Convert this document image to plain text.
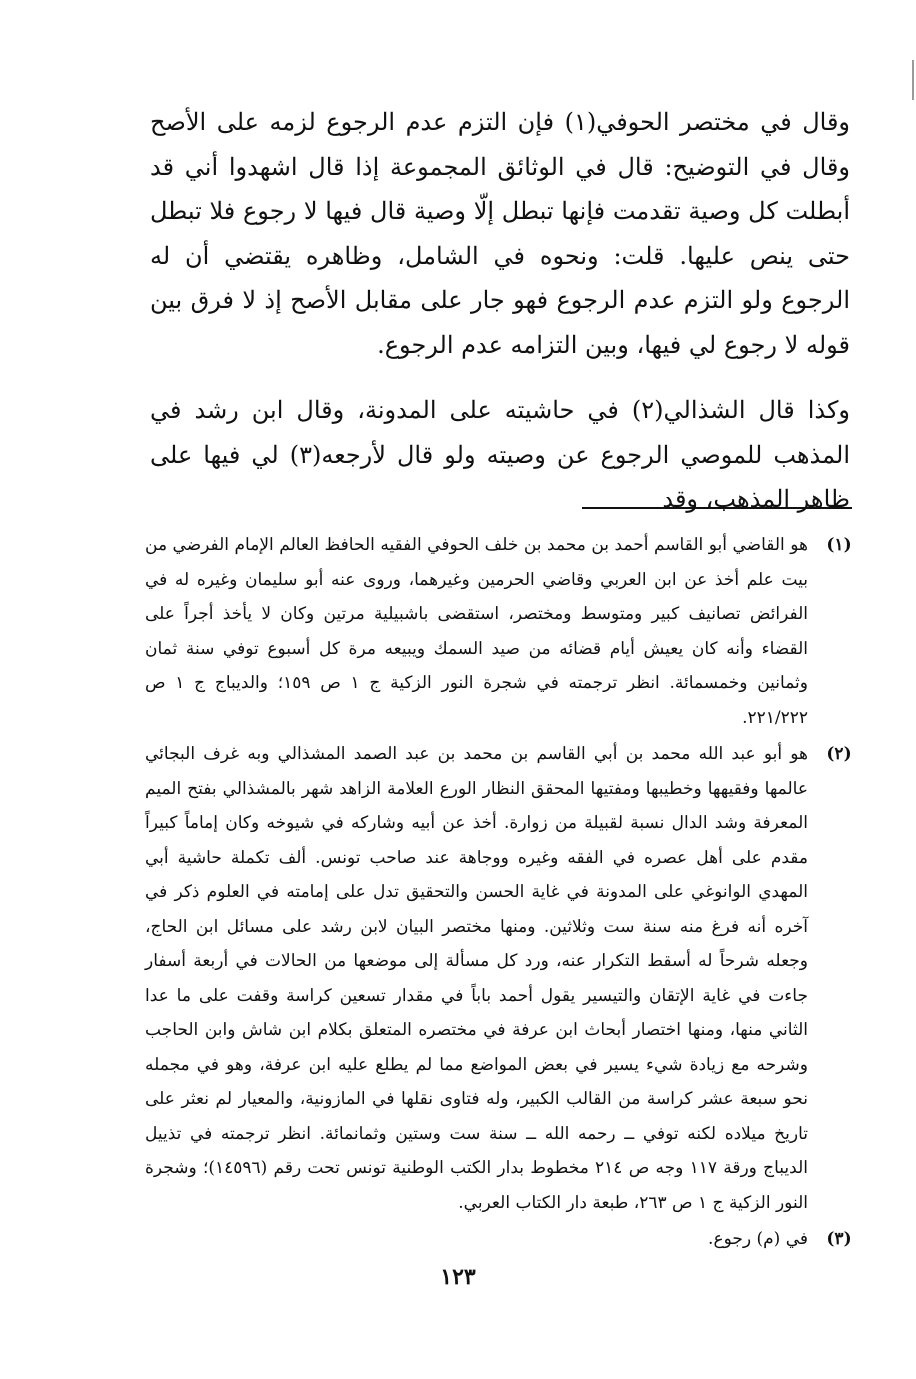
وقال في مختصر الحوفي(١) فإن التزم عدم الرجوع لزمه على الأصح وقال في التوضيح: قال في الوثائق المجموعة إذا قال اشهدوا أني قد أبطلت كل وصية تقدمت فإنها تبطل إلّا وصية قال فيها لا رجوع فلا تبطل حتى ينص عليها. قلت: ونحوه في الشامل، وظاهره يقتضي أن له الرجوع ولو التزم عدم الرجوع فهو جار على مقابل الأصح إذ لا فرق بين قوله لا رجوع لي فيها، وبين التزامه عدم الرجوع.

وكذا قال الشذالي(٢) في حاشيته على المدونة، وقال ابن رشد في المذهب للموصي الرجوع عن وصيته ولو قال لأرجعه(٣) لي فيها على ظاهر المذهب، وقد

(١)
هو القاضي أبو القاسم أحمد بن محمد بن خلف الحوفي الفقيه الحافظ العالم الإمام الفرضي من بيت علم أخذ عن ابن العربي وقاضي الحرمين وغيرهما، وروى عنه أبو سليمان وغيره له في الفرائض تصانيف كبير ومتوسط ومختصر، استقضى باشبيلية مرتين وكان لا يأخذ أجراً على القضاء وأنه كان يعيش أيام قضائه من صيد السمك ويبيعه مرة كل أسبوع توفي سنة ثمان وثمانين وخمسمائة. انظر ترجمته في شجرة النور الزكية ج ١ ص ١٥٩؛ والديباج ج ١ ص ٢٢١/٢٢٢.
(٢)
هو أبو عبد الله محمد بن أبي القاسم بن محمد بن عبد الصمد المشذالي وبه غرف البجائي عالمها وفقيهها وخطيبها ومفتيها المحقق النظار الورع العلامة الزاهد شهر بالمشذالي بفتح الميم المعرفة وشد الدال نسبة لقبيلة من زوارة. أخذ عن أبيه وشاركه في شيوخه وكان إماماً كبيراً مقدم على أهل عصره في الفقه وغيره ووجاهة عند صاحب تونس. ألف تكملة حاشية أبي المهدي الوانوغي على المدونة في غاية الحسن والتحقيق تدل على إمامته في العلوم ذكر في آخره أنه فرغ منه سنة ست وثلاثين. ومنها مختصر البيان لابن رشد على مسائل ابن الحاج، وجعله شرحاً له أسقط التكرار عنه، ورد كل مسألة إلى موضعها من الحالات في أربعة أسفار جاءت في غاية الإتقان والتيسير يقول أحمد باباً في مقدار تسعين كراسة وقفت على ما عدا الثاني منها، ومنها اختصار أبحاث ابن عرفة في مختصره المتعلق بكلام ابن شاش وابن الحاجب وشرحه مع زيادة شيء يسير في بعض المواضع مما لم يطلع عليه ابن عرفة، وهو في مجمله نحو سبعة عشر كراسة من القالب الكبير، وله فتاوى نقلها في المازونية، والمعيار لم نعثر على تاريخ ميلاده لكنه توفي ــ رحمه الله ــ سنة ست وستين وثمانمائة. انظر ترجمته في تذييل الديباج ورقة ١١٧ وجه ص ٢١٤ مخطوط بدار الكتب الوطنية تونس تحت رقم (١٤٥٩٦)؛ وشجرة النور الزكية ج ١ ص ٢٦٣، طبعة دار الكتاب العربي.
(٣)
في (م) رجوع.
١٢٣
